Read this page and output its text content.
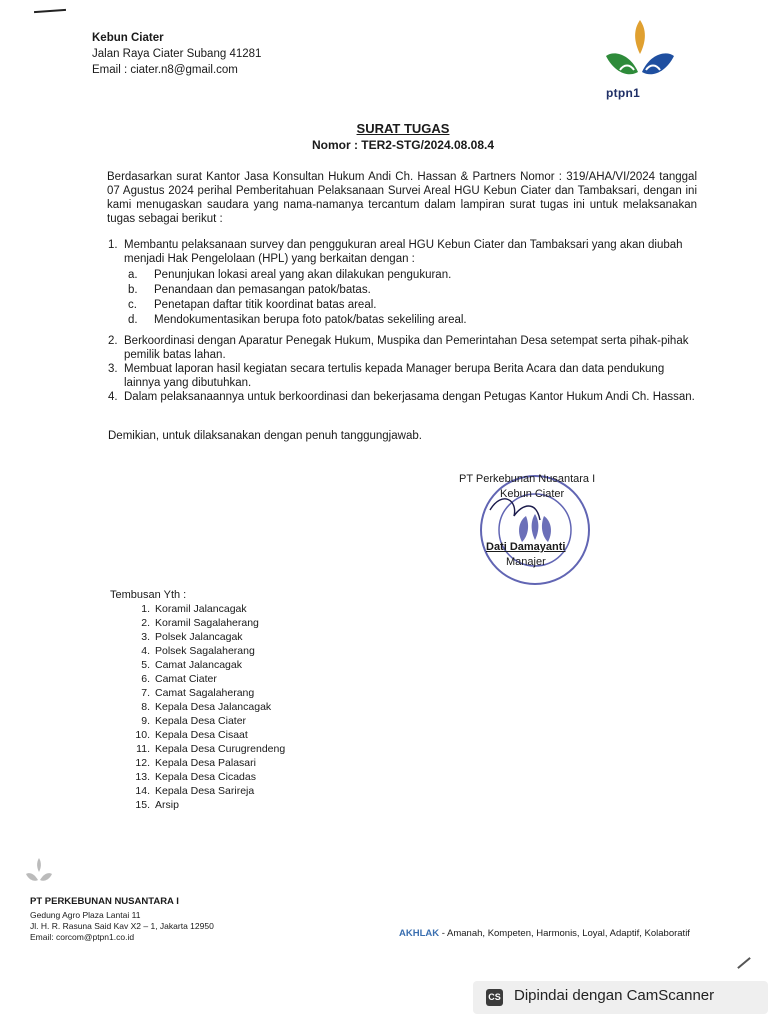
Kebun Ciater
Jalan Raya Ciater Subang 41281
Email : ciater.n8@gmail.com
ptpn1
SURAT TUGAS
Nomor : TER2-STG/2024.08.08.4
Berdasarkan surat Kantor Jasa Konsultan Hukum Andi Ch. Hassan & Partners Nomor : 319/AHA/VI/2024 tanggal 07 Agustus 2024 perihal Pemberitahuan Pelaksanaan Survei Areal HGU Kebun Ciater dan Tambaksari, dengan ini kami menugaskan saudara yang nama-namanya tercantum dalam lampiran surat tugas ini untuk melaksanakan tugas sebagai berikut :
1. Membantu pelaksanaan survey dan penggukuran areal HGU Kebun Ciater dan Tambaksari yang akan diubah menjadi Hak Pengelolaan (HPL) yang berkaitan dengan :
a. Penunjukan lokasi areal yang akan dilakukan pengukuran.
b. Penandaan dan pemasangan patok/batas.
c. Penetapan daftar titik koordinat batas areal.
d. Mendokumentasikan berupa foto patok/batas sekeliling areal.
2. Berkoordinasi dengan Aparatur Penegak Hukum, Muspika dan Pemerintahan Desa setempat serta pihak-pihak pemilik batas lahan.
3. Membuat laporan hasil kegiatan secara tertulis kepada Manager berupa Berita Acara dan data pendukung lainnya yang dibutuhkan.
4. Dalam pelaksanaannya untuk berkoordinasi dan bekerjasama dengan Petugas Kantor Hukum Andi Ch. Hassan.
Demikian, untuk dilaksanakan dengan penuh tanggungjawab.
PT Perkebunan Nusantara I
Kebun Ciater
Dati Damayanti
Manajer
Tembusan Yth :
1. Koramil Jalancagak
2. Koramil Sagalaherang
3. Polsek Jalancagak
4. Polsek Sagalaherang
5. Camat Jalancagak
6. Camat Ciater
7. Camat Sagalaherang
8. Kepala Desa Jalancagak
9. Kepala Desa Ciater
10. Kepala Desa Cisaat
11. Kepala Desa Curugrendeng
12. Kepala Desa Palasari
13. Kepala Desa Cicadas
14. Kepala Desa Sarireja
15. Arsip
PT PERKEBUNAN NUSANTARA I
Gedung Agro Plaza Lantai 11
Jl. H. R. Rasuna Said Kav X2 – 1, Jakarta 12950
Email: corcom@ptpn1.co.id	AKHLAK - Amanah, Kompeten, Harmonis, Loyal, Adaptif, Kolaboratif
CS Dipindai dengan CamScanner
